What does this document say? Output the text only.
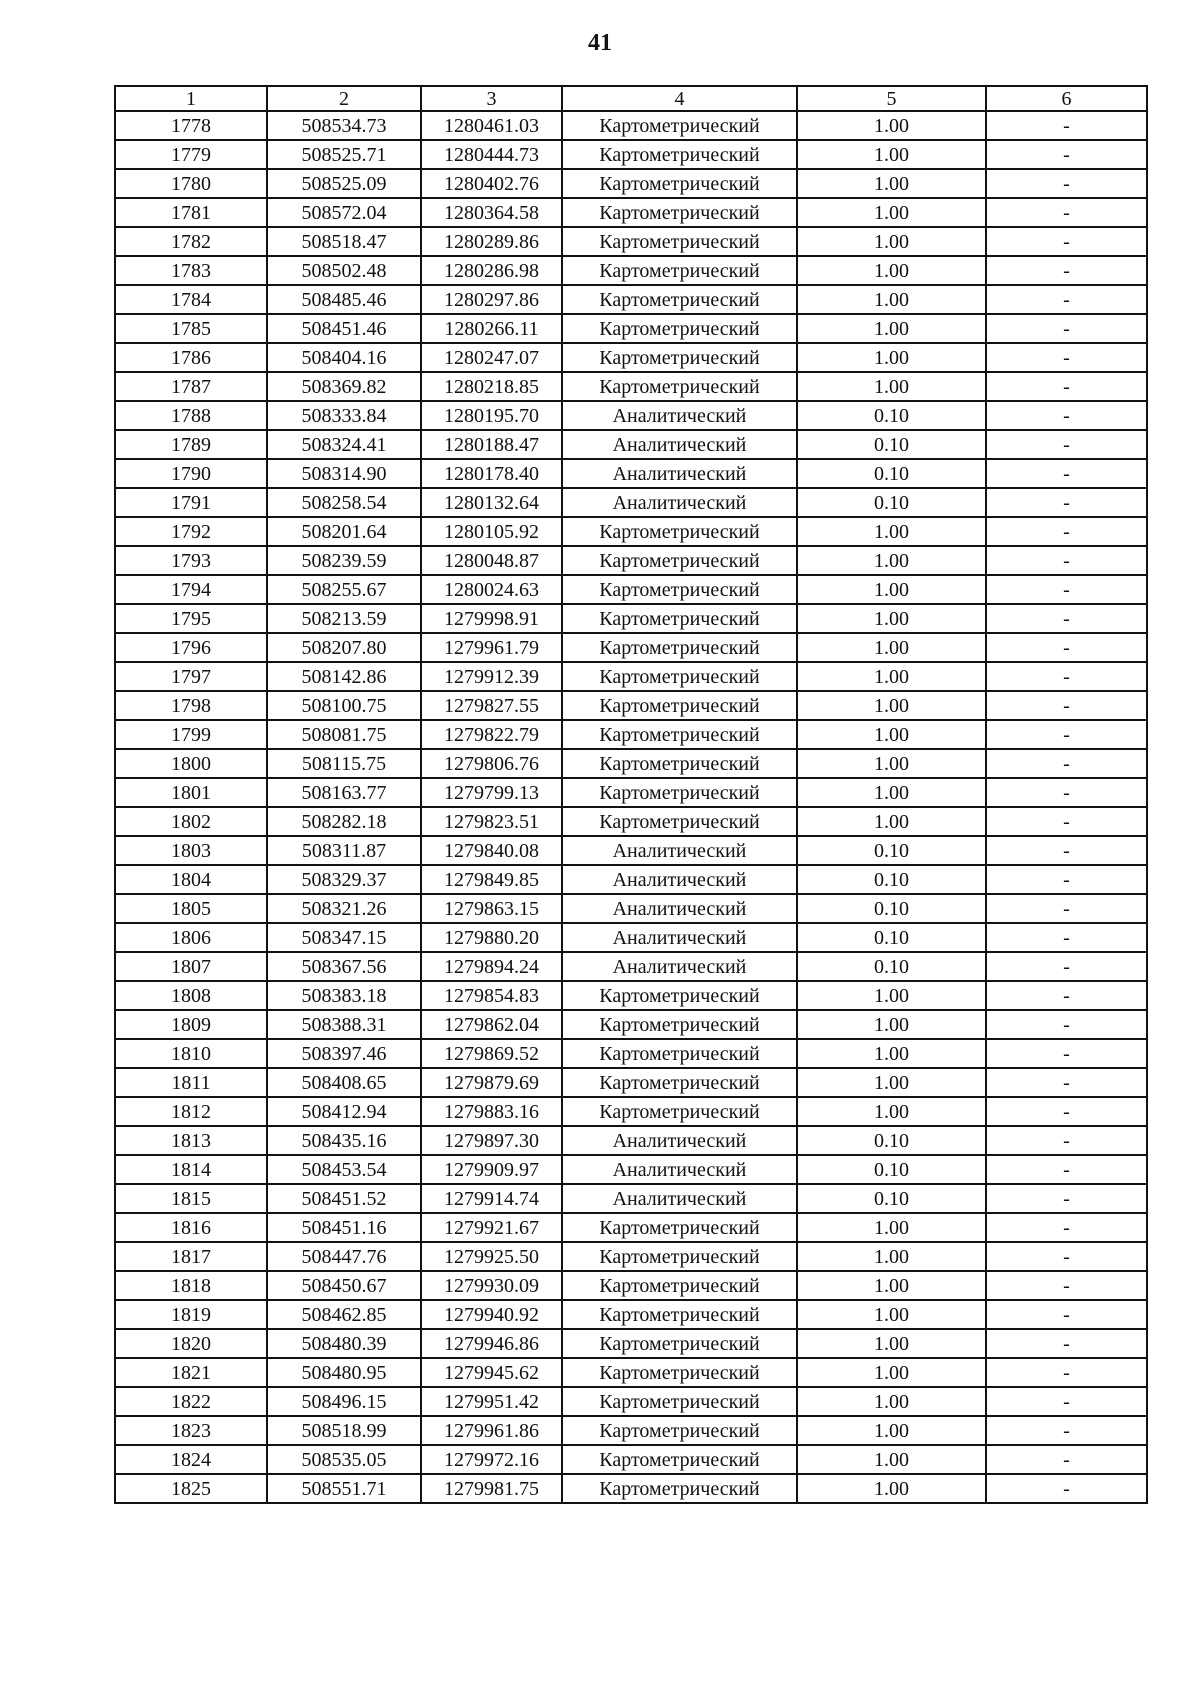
41
1	2	3	4	5	6
1778	508534.73	1280461.03	Картометрический	1.00	-
1779	508525.71	1280444.73	Картометрический	1.00	-
1780	508525.09	1280402.76	Картометрический	1.00	-
1781	508572.04	1280364.58	Картометрический	1.00	-
1782	508518.47	1280289.86	Картометрический	1.00	-
1783	508502.48	1280286.98	Картометрический	1.00	-
1784	508485.46	1280297.86	Картометрический	1.00	-
1785	508451.46	1280266.11	Картометрический	1.00	-
1786	508404.16	1280247.07	Картометрический	1.00	-
1787	508369.82	1280218.85	Картометрический	1.00	-
1788	508333.84	1280195.70	Аналитический	0.10	-
1789	508324.41	1280188.47	Аналитический	0.10	-
1790	508314.90	1280178.40	Аналитический	0.10	-
1791	508258.54	1280132.64	Аналитический	0.10	-
1792	508201.64	1280105.92	Картометрический	1.00	-
1793	508239.59	1280048.87	Картометрический	1.00	-
1794	508255.67	1280024.63	Картометрический	1.00	-
1795	508213.59	1279998.91	Картометрический	1.00	-
1796	508207.80	1279961.79	Картометрический	1.00	-
1797	508142.86	1279912.39	Картометрический	1.00	-
1798	508100.75	1279827.55	Картометрический	1.00	-
1799	508081.75	1279822.79	Картометрический	1.00	-
1800	508115.75	1279806.76	Картометрический	1.00	-
1801	508163.77	1279799.13	Картометрический	1.00	-
1802	508282.18	1279823.51	Картометрический	1.00	-
1803	508311.87	1279840.08	Аналитический	0.10	-
1804	508329.37	1279849.85	Аналитический	0.10	-
1805	508321.26	1279863.15	Аналитический	0.10	-
1806	508347.15	1279880.20	Аналитический	0.10	-
1807	508367.56	1279894.24	Аналитический	0.10	-
1808	508383.18	1279854.83	Картометрический	1.00	-
1809	508388.31	1279862.04	Картометрический	1.00	-
1810	508397.46	1279869.52	Картометрический	1.00	-
1811	508408.65	1279879.69	Картометрический	1.00	-
1812	508412.94	1279883.16	Картометрический	1.00	-
1813	508435.16	1279897.30	Аналитический	0.10	-
1814	508453.54	1279909.97	Аналитический	0.10	-
1815	508451.52	1279914.74	Аналитический	0.10	-
1816	508451.16	1279921.67	Картометрический	1.00	-
1817	508447.76	1279925.50	Картометрический	1.00	-
1818	508450.67	1279930.09	Картометрический	1.00	-
1819	508462.85	1279940.92	Картометрический	1.00	-
1820	508480.39	1279946.86	Картометрический	1.00	-
1821	508480.95	1279945.62	Картометрический	1.00	-
1822	508496.15	1279951.42	Картометрический	1.00	-
1823	508518.99	1279961.86	Картометрический	1.00	-
1824	508535.05	1279972.16	Картометрический	1.00	-
1825	508551.71	1279981.75	Картометрический	1.00	-
